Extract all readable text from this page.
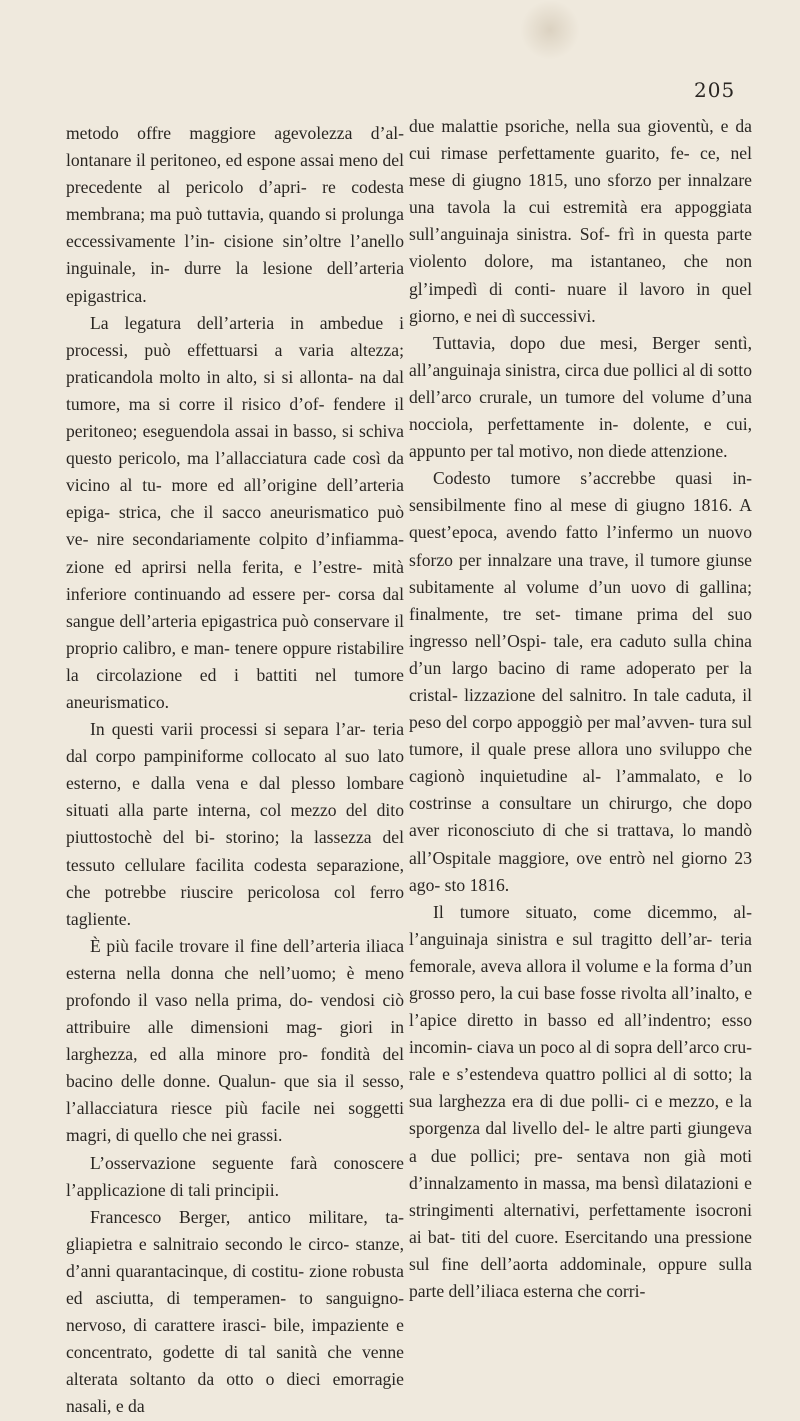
205

metodo offre maggiore agevolezza d’al- lontanare il peritoneo, ed espone assai meno del precedente al pericolo d’apri- re codesta membrana; ma può tuttavia, quando si prolunga eccessivamente l’in- cisione sin’oltre l’anello inguinale, in- durre la lesione dell’arteria epigastrica.

La legatura dell’arteria in ambedue i processi, può effettuarsi a varia altezza; praticandola molto in alto, si si allonta- na dal tumore, ma si corre il risico d’of- fendere il peritoneo; eseguendola assai in basso, si schiva questo pericolo, ma l’allacciatura cade così da vicino al tu- more ed all’origine dell’arteria epiga- strica, che il sacco aneurismatico può ve- nire secondariamente colpito d’infiamma- zione ed aprirsi nella ferita, e l’estre- mità inferiore continuando ad essere per- corsa dal sangue dell’arteria epigastrica può conservare il proprio calibro, e man- tenere oppure ristabilire la circolazione ed i battiti nel tumore aneurismatico.

In questi varii processi si separa l’ar- teria dal corpo pampiniforme collocato al suo lato esterno, e dalla vena e dal plesso lombare situati alla parte interna, col mezzo del dito piuttostochè del bi- storino; la lassezza del tessuto cellulare facilita codesta separazione, che potrebbe riuscire pericolosa col ferro tagliente.

È più facile trovare il fine dell’arteria iliaca esterna nella donna che nell’uomo; è meno profondo il vaso nella prima, do- vendosi ciò attribuire alle dimensioni mag- giori in larghezza, ed alla minore pro- fondità del bacino delle donne. Qualun- que sia il sesso, l’allacciatura riesce più facile nei soggetti magri, di quello che nei grassi.

L’osservazione seguente farà conoscere l’applicazione di tali principii.

Francesco Berger, antico militare, ta- gliapietra e salnitraio secondo le circo- stanze, d’anni quarantacinque, di costitu- zione robusta ed asciutta, di temperamen- to sanguigno-nervoso, di carattere irasci- bile, impaziente e concentrato, godette di tal sanità che venne alterata soltanto da otto o dieci emorragie nasali, e da

due malattie psoriche, nella sua gioventù, e da cui rimase perfettamente guarito, fe- ce, nel mese di giugno 1815, uno sforzo per innalzare una tavola la cui estremità era appoggiata sull’anguinaja sinistra. Sof- frì in questa parte violento dolore, ma istantaneo, che non gl’impedì di conti- nuare il lavoro in quel giorno, e nei dì successivi.

Tuttavia, dopo due mesi, Berger sentì, all’anguinaja sinistra, circa due pollici al di sotto dell’arco crurale, un tumore del volume d’una nocciola, perfettamente in- dolente, e cui, appunto per tal motivo, non diede attenzione.

Codesto tumore s’accrebbe quasi in- sensibilmente fino al mese di giugno 1816. A quest’epoca, avendo fatto l’infermo un nuovo sforzo per innalzare una trave, il tumore giunse subitamente al volume d’un uovo di gallina; finalmente, tre set- timane prima del suo ingresso nell’Ospi- tale, era caduto sulla china d’un largo bacino di rame adoperato per la cristal- lizzazione del salnitro. In tale caduta, il peso del corpo appoggiò per mal’avven- tura sul tumore, il quale prese allora uno sviluppo che cagionò inquietudine al- l’ammalato, e lo costrinse a consultare un chirurgo, che dopo aver riconosciuto di che si trattava, lo mandò all’Ospitale maggiore, ove entrò nel giorno 23 ago- sto 1816.

Il tumore situato, come dicemmo, al- l’anguinaja sinistra e sul tragitto dell’ar- teria femorale, aveva allora il volume e la forma d’un grosso pero, la cui base fosse rivolta all’inalto, e l’apice diretto in basso ed all’indentro; esso incomin- ciava un poco al di sopra dell’arco cru- rale e s’estendeva quattro pollici al di sotto; la sua larghezza era di due polli- ci e mezzo, e la sporgenza dal livello del- le altre parti giungeva a due pollici; pre- sentava non già moti d’innalzamento in massa, ma bensì dilatazioni e stringimenti alternativi, perfettamente isocroni ai bat- titi del cuore. Esercitando una pressione sul fine dell’aorta addominale, oppure sulla parte dell’iliaca esterna che corri-
